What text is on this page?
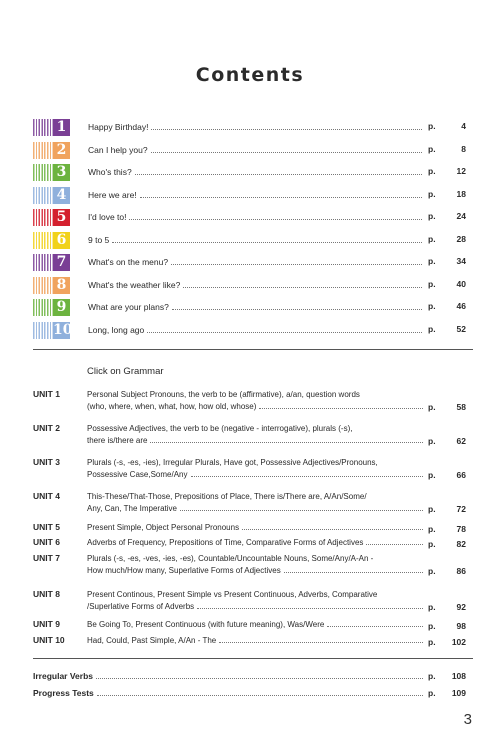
Contents
1	Happy Birthday!	p.	4
2	Can I help you?	p.	8
3	Who's this?	p. 12
4	Here we are!	p. 18
5	I'd love to!	p. 24
6	9 to 5	p. 28
7	What's on the menu?	p. 34
8	What's the weather like?	p. 40
9	What are your plans?	p. 46
10 Long, long ago	p. 52
Click on Grammar
UNIT 1	Personal Subject Pronouns, the verb to be (affirmative), a/an, question words
(who, where, when, what, how, how old, whose)	p. 58
UNIT 2	Possessive Adjectives, the verb to be (negative - interrogative), plurals (-s),
there is/there are	p. 62
UNIT 3	Plurals (-s, -es, -ies), Irregular Plurals, Have got, Possessive Adjectives/Pronouns,
Possessive Case,Some/Any	p. 66
UNIT 4	This-These/That-Those, Prepositions of Place, There is/There are, A/An/Some/
Any, Can, The Imperative	p. 72
UNIT 5	Present Simple, Object Personal Pronouns	p. 78
UNIT 6	Adverbs of Frequency, Prepositions of Time, Comparative Forms of Adjectives	p. 82
UNIT 7	Plurals (-s, -es, -ves, -ies, -es), Countable/Uncountable Nouns, Some/Any/A-An -
How much/How many, Superlative Forms of Adjectives	p. 86
UNIT 8	Present Continous, Present Simple vs Present Continuous, Adverbs, Comparative
/Superlative Forms of Adverbs	p. 92
UNIT 9	Be Going To, Present Continuous (with future meaning), Was/Were	p. 98
UNIT 10	Had, Could, Past Simple, A/An - The	p. 102
Irregular Verbs	p. 108
Progress Tests	p. 109
3
